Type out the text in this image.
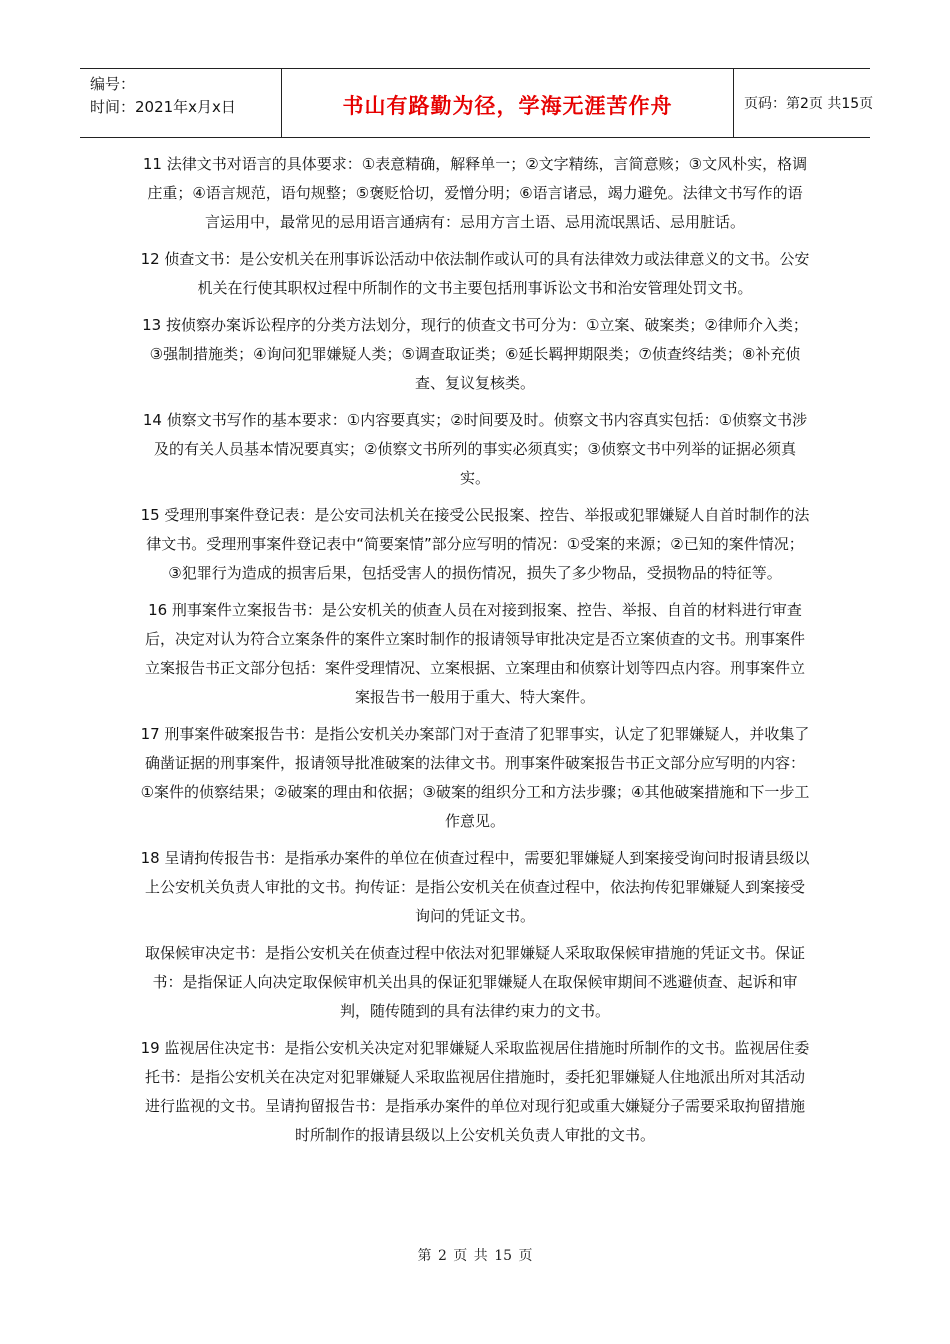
编号：
时间：2021年x月x日	书山有路勤为径，学海无涯苦作舟	页码：第2页 共15页

11 法律文书对语言的具体要求：①表意精确，解释单一；②文字精练，言简意赅；③文风朴实，格调庄重；④语言规范，语句规整；⑤褒贬恰切，爱憎分明；⑥语言诸忌，竭力避免。法律文书写作的语言运用中，最常见的忌用语言通病有：忌用方言土语、忌用流氓黑话、忌用脏话。

12 侦查文书：是公安机关在刑事诉讼活动中依法制作或认可的具有法律效力或法律意义的文书。公安机关在行使其职权过程中所制作的文书主要包括刑事诉讼文书和治安管理处罚文书。

13 按侦察办案诉讼程序的分类方法划分，现行的侦查文书可分为：①立案、破案类；②律师介入类；③强制措施类；④询问犯罪嫌疑人类；⑤调查取证类；⑥延长羁押期限类；⑦侦查终结类；⑧补充侦查、复议复核类。

14 侦察文书写作的基本要求：①内容要真实；②时间要及时。侦察文书内容真实包括：①侦察文书涉及的有关人员基本情况要真实；②侦察文书所列的事实必须真实；③侦察文书中列举的证据必须真实。

15 受理刑事案件登记表：是公安司法机关在接受公民报案、控告、举报或犯罪嫌疑人自首时制作的法律文书。受理刑事案件登记表中“简要案情”部分应写明的情况：①受案的来源；②已知的案件情况；③犯罪行为造成的损害后果，包括受害人的损伤情况，损失了多少物品，受损物品的特征等。

16 刑事案件立案报告书：是公安机关的侦查人员在对接到报案、控告、举报、自首的材料进行审查后，决定对认为符合立案条件的案件立案时制作的报请领导审批决定是否立案侦查的文书。刑事案件立案报告书正文部分包括：案件受理情况、立案根据、立案理由和侦察计划等四点内容。刑事案件立案报告书一般用于重大、特大案件。

17 刑事案件破案报告书：是指公安机关办案部门对于查清了犯罪事实，认定了犯罪嫌疑人，并收集了确凿证据的刑事案件，报请领导批准破案的法律文书。刑事案件破案报告书正文部分应写明的内容：①案件的侦察结果；②破案的理由和依据；③破案的组织分工和方法步骤；④其他破案措施和下一步工作意见。

18 呈请拘传报告书：是指承办案件的单位在侦查过程中，需要犯罪嫌疑人到案接受询问时报请县级以上公安机关负责人审批的文书。拘传证：是指公安机关在侦查过程中，依法拘传犯罪嫌疑人到案接受询问的凭证文书。

取保候审决定书：是指公安机关在侦查过程中依法对犯罪嫌疑人采取取保候审措施的凭证文书。保证书：是指保证人向决定取保候审机关出具的保证犯罪嫌疑人在取保候审期间不逃避侦查、起诉和审判，随传随到的具有法律约束力的文书。

19 监视居住决定书：是指公安机关决定对犯罪嫌疑人采取监视居住措施时所制作的文书。监视居住委托书：是指公安机关在决定对犯罪嫌疑人采取监视居住措施时，委托犯罪嫌疑人住地派出所对其活动进行监视的文书。呈请拘留报告书：是指承办案件的单位对现行犯或重大嫌疑分子需要采取拘留措施时所制作的报请县级以上公安机关负责人审批的文书。

第 2 页 共 15 页
